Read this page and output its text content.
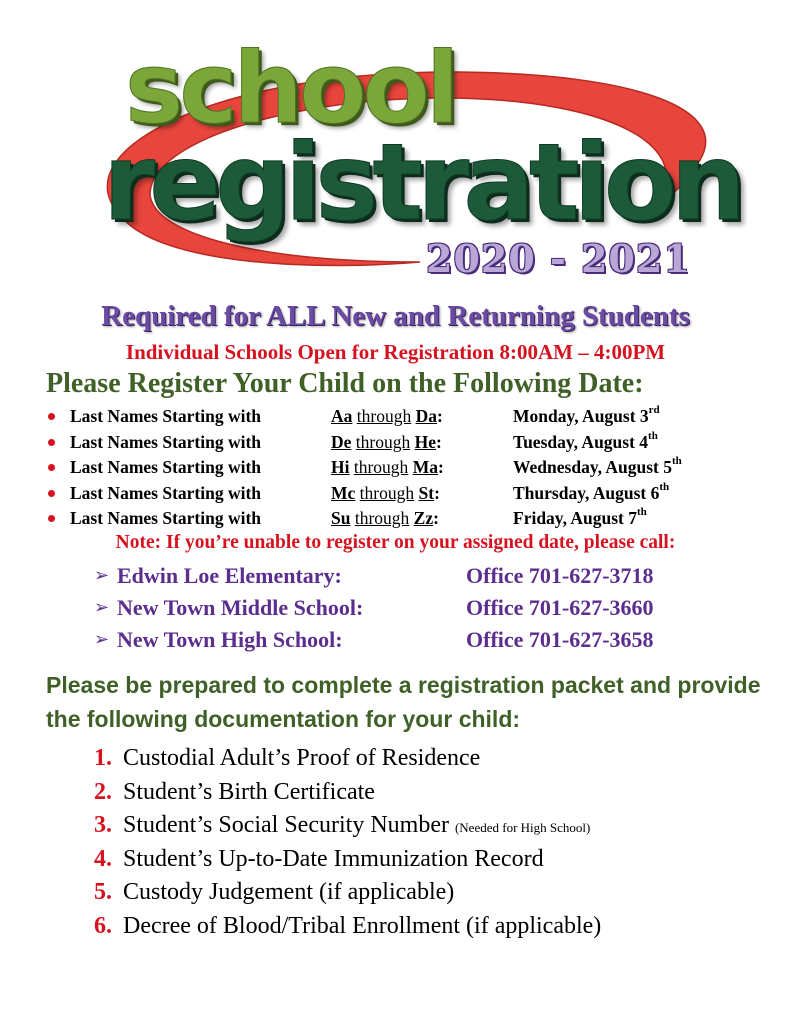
school
registration
2020 - 2021
Required for ALL New and Returning Students
Individual Schools Open for Registration 8:00AM – 4:00PM
Please Register Your Child on the Following Date:
Last Names Starting with	Aa through Da:	Monday, August 3rd
Last Names Starting with	De through He:	Tuesday, August 4th
Last Names Starting with	Hi through Ma:	Wednesday, August 5th
Last Names Starting with	Mc through St:	Thursday, August 6th
Last Names Starting with	Su through Zz:	Friday, August 7th
Note: If you’re unable to register on your assigned date, please call:
➢ Edwin Loe Elementary:	Office 701-627-3718
➢ New Town Middle School:	Office 701-627-3660
➢ New Town High School:	Office 701-627-3658
Please be prepared to complete a registration packet and provide the following documentation for your child:
1. Custodial Adult’s Proof of Residence
2. Student’s Birth Certificate
3. Student’s Social Security Number (Needed for High School)
4. Student’s Up-to-Date Immunization Record
5. Custody Judgement (if applicable)
6. Decree of Blood/Tribal Enrollment (if applicable)
